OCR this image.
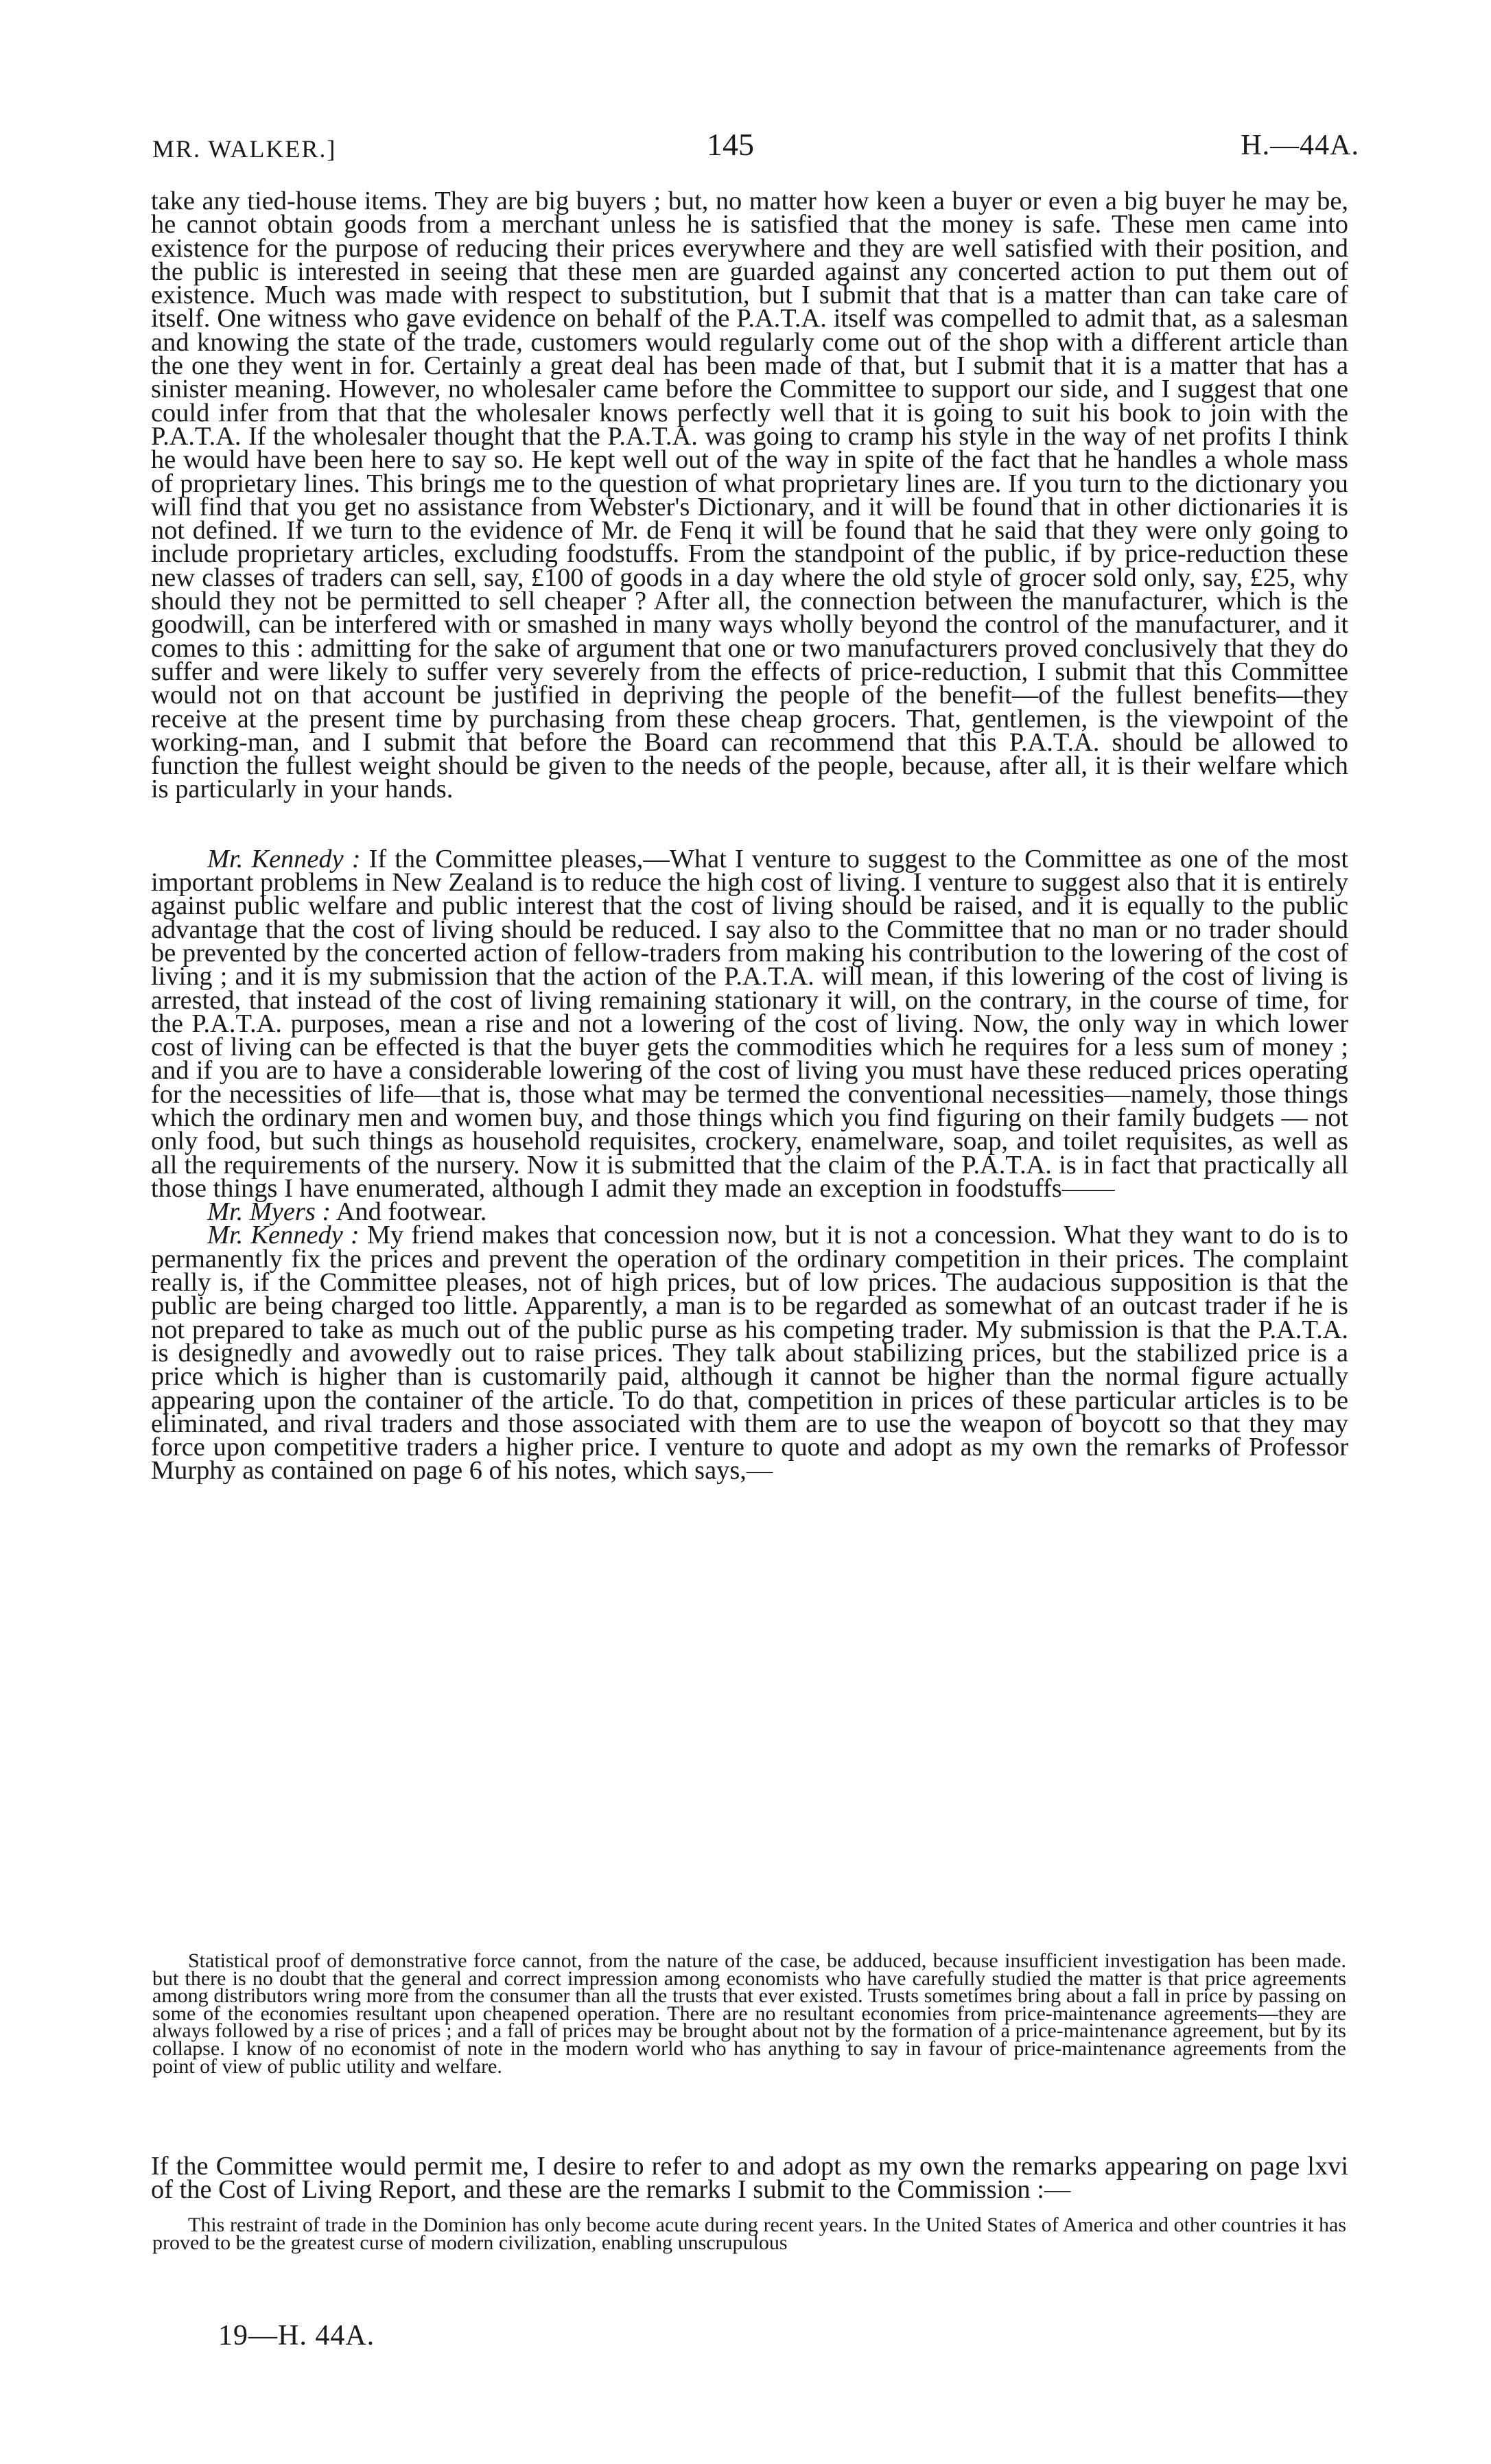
MR. WALKER.]	145	H.—44A.

take any tied-house items. They are big buyers ; but, no matter how keen a buyer or even a big buyer he may be, he cannot obtain goods from a merchant unless he is satisfied that the money is safe. These men came into existence for the purpose of reducing their prices everywhere and they are well satisfied with their position, and the public is interested in seeing that these men are guarded against any concerted action to put them out of existence. Much was made with respect to substitution, but I submit that that is a matter than can take care of itself. One witness who gave evidence on behalf of the P.A.T.A. itself was compelled to admit that, as a salesman and knowing the state of the trade, customers would regularly come out of the shop with a different article than the one they went in for. Certainly a great deal has been made of that, but I submit that it is a matter that has a sinister meaning. However, no wholesaler came before the Committee to support our side, and I suggest that one could infer from that that the wholesaler knows perfectly well that it is going to suit his book to join with the P.A.T.A. If the wholesaler thought that the P.A.T.A. was going to cramp his style in the way of net profits I think he would have been here to say so. He kept well out of the way in spite of the fact that he handles a whole mass of proprietary lines. This brings me to the question of what proprietary lines are. If you turn to the dictionary you will find that you get no assistance from Webster's Dictionary, and it will be found that in other dictionaries it is not defined. If we turn to the evidence of Mr. de Fenq it will be found that he said that they were only going to include proprietary articles, excluding foodstuffs. From the standpoint of the public, if by price-reduction these new classes of traders can sell, say, £100 of goods in a day where the old style of grocer sold only, say, £25, why should they not be permitted to sell cheaper ? After all, the connection between the manufacturer, which is the goodwill, can be interfered with or smashed in many ways wholly beyond the control of the manufacturer, and it comes to this : admitting for the sake of argument that one or two manufacturers proved conclusively that they do suffer and were likely to suffer very severely from the effects of price-reduction, I submit that this Committee would not on that account be justified in depriving the people of the benefit—of the fullest benefits—they receive at the present time by purchasing from these cheap grocers. That, gentlemen, is the viewpoint of the working-man, and I submit that before the Board can recommend that this P.A.T.A. should be allowed to function the fullest weight should be given to the needs of the people, because, after all, it is their welfare which is particularly in your hands.

Mr. Kennedy : If the Committee pleases,—What I venture to suggest to the Committee as one of the most important problems in New Zealand is to reduce the high cost of living. I venture to suggest also that it is entirely against public welfare and public interest that the cost of living should be raised, and it is equally to the public advantage that the cost of living should be reduced. I say also to the Committee that no man or no trader should be prevented by the concerted action of fellow-traders from making his contribution to the lowering of the cost of living ; and it is my submission that the action of the P.A.T.A. will mean, if this lowering of the cost of living is arrested, that instead of the cost of living remaining stationary it will, on the contrary, in the course of time, for the P.A.T.A. purposes, mean a rise and not a lowering of the cost of living. Now, the only way in which lower cost of living can be effected is that the buyer gets the commodities which he requires for a less sum of money ; and if you are to have a considerable lowering of the cost of living you must have these reduced prices operating for the necessities of life—that is, those what may be termed the conventional necessities—namely, those things which the ordinary men and women buy, and those things which you find figuring on their family budgets — not only food, but such things as household requisites, crockery, enamelware, soap, and toilet requisites, as well as all the requirements of the nursery. Now it is submitted that the claim of the P.A.T.A. is in fact that practically all those things I have enumerated, although I admit they made an exception in foodstuffs——

Mr. Myers : And footwear.

Mr. Kennedy : My friend makes that concession now, but it is not a concession. What they want to do is to permanently fix the prices and prevent the operation of the ordinary competition in their prices. The complaint really is, if the Committee pleases, not of high prices, but of low prices. The audacious supposition is that the public are being charged too little. Apparently, a man is to be regarded as somewhat of an outcast trader if he is not prepared to take as much out of the public purse as his competing trader. My submission is that the P.A.T.A. is designedly and avowedly out to raise prices. They talk about stabilizing prices, but the stabilized price is a price which is higher than is customarily paid, although it cannot be higher than the normal figure actually appearing upon the container of the article. To do that, competition in prices of these particular articles is to be eliminated, and rival traders and those associated with them are to use the weapon of boycott so that they may force upon competitive traders a higher price. I venture to quote and adopt as my own the remarks of Professor Murphy as contained on page 6 of his notes, which says,—

Statistical proof of demonstrative force cannot, from the nature of the case, be adduced, because insufficient investigation has been made. but there is no doubt that the general and correct impression among economists who have carefully studied the matter is that price agreements among distributors wring more from the consumer than all the trusts that ever existed. Trusts sometimes bring about a fall in price by passing on some of the economies resultant upon cheapened operation. There are no resultant economies from price-maintenance agreements—they are always followed by a rise of prices ; and a fall of prices may be brought about not by the formation of a price-maintenance agreement, but by its collapse. I know of no economist of note in the modern world who has anything to say in favour of price-maintenance agreements from the point of view of public utility and welfare.

If the Committee would permit me, I desire to refer to and adopt as my own the remarks appearing on page lxvi of the Cost of Living Report, and these are the remarks I submit to the Commission :—

This restraint of trade in the Dominion has only become acute during recent years. In the United States of America and other countries it has proved to be the greatest curse of modern civilization, enabling unscrupulous

19—H. 44A.
